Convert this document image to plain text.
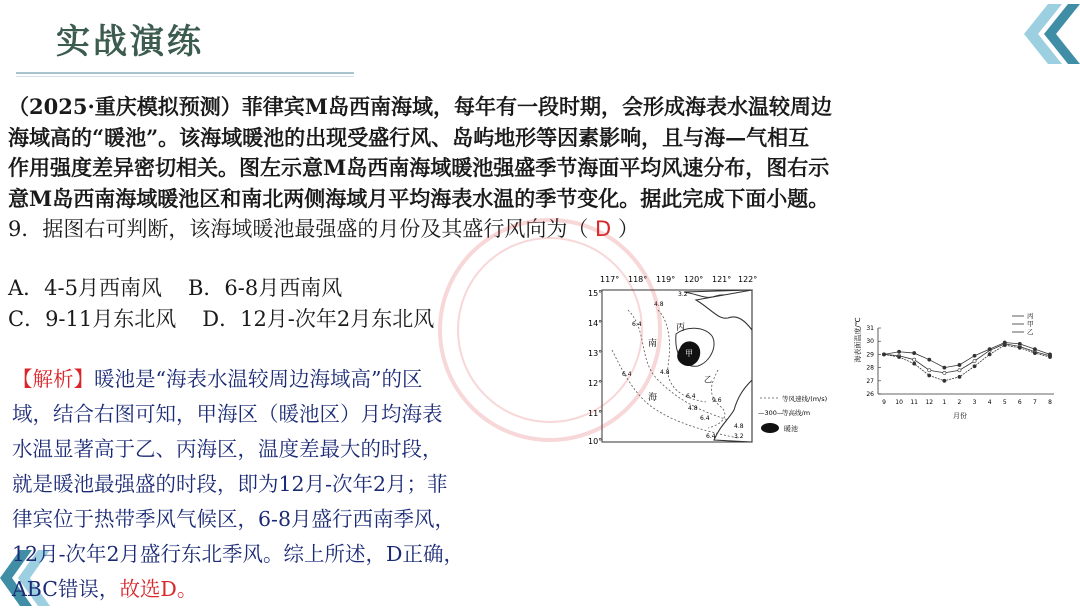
实战演练
（2025·重庆模拟预测）菲律宾M岛西南海域，每年有一段时期，会形成海表水温较周边
海域高的“暖池”。该海域暖池的出现受盛行风、岛屿地形等因素影响，且与海—气相互
作用强度差异密切相关。图左示意M岛西南海域暖池强盛季节海面平均风速分布，图右示
意M岛西南海域暖池区和南北两侧海域月平均海表水温的季节变化。据此完成下面小题。
9．据图右可判断，该海域暖池最强盛的月份及其盛行风向为（ D ）
A．4-5月西南风 B．6-8月西南风
C．9-11月东北风 D．12月-次年2月东北风
【解析】暖池是“海表水温较周边海域高”的区
域，结合右图可知，甲海区（暖池区）月均海表
水温显著高于乙、丙海区，温度差最大的时段，
就是暖池最强盛的时段，即为12月-次年2月；菲
律宾位于热带季风气候区，6-8月盛行西南季风，
12月-次年2月盛行东北季风。综上所述，D正确，
ABC错误，故选D。
117° 118° 119° 120° 121° 122°
15°
14°
13°
12°
11°
10°
甲
南
海
丙
乙
3.2
4.8
6.4
6.4	4.8
6.4
4.8
6.4
9.6
6.4
4.8
3.2
等风速线/(m/s)
—300—
等高线/m
暖池
海表面温度/℃
月份
31
30
29
28
27
26
9 10 11 12 1 2 3 4 5 6 7 8
丙
甲
乙
